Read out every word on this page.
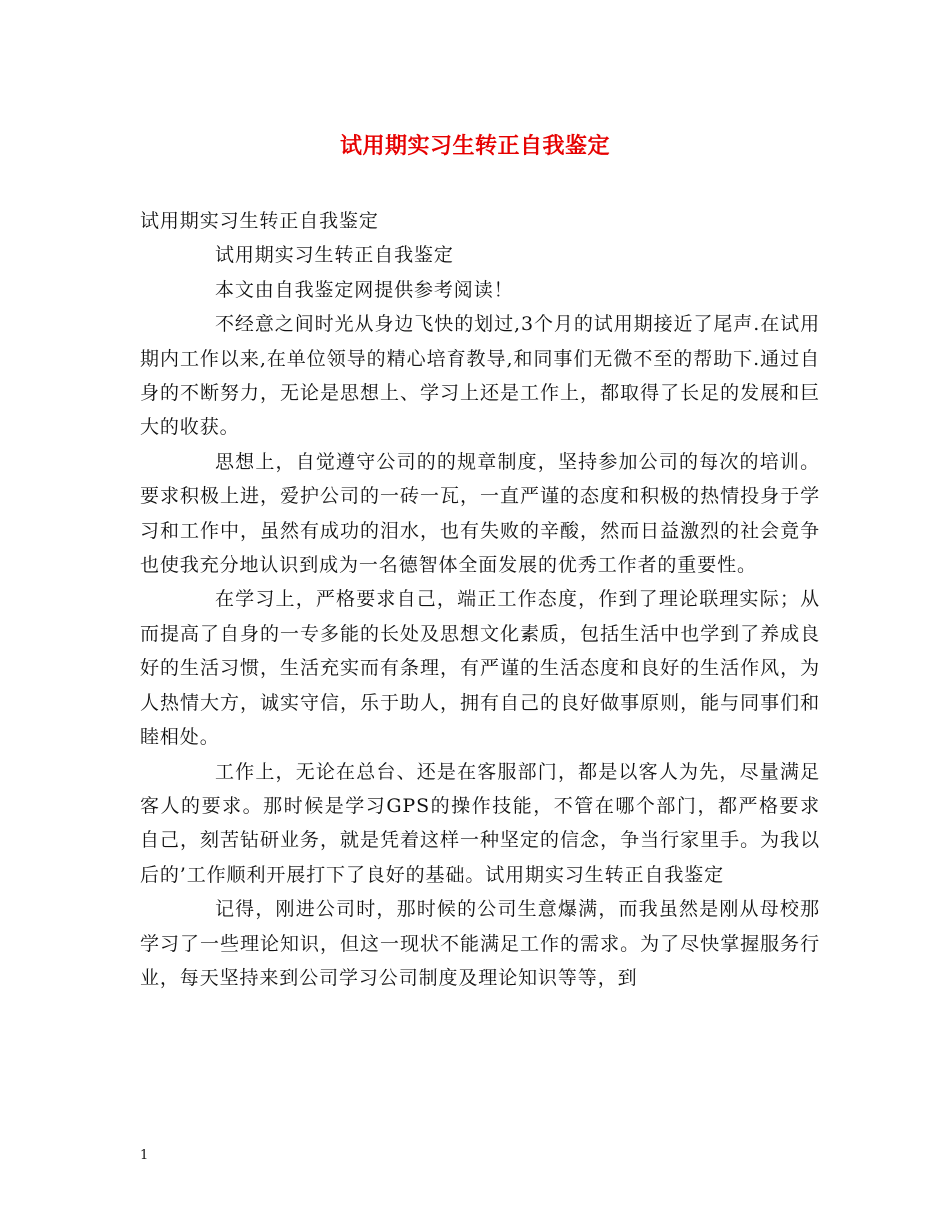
试用期实习生转正自我鉴定

试用期实习生转正自我鉴定

试用期实习生转正自我鉴定

本文由自我鉴定网提供参考阅读！

不经意之间时光从身边飞快的划过,3个月的试用期接近了尾声.在试用期内工作以来,在单位领导的精心培育教导,和同事们无微不至的帮助下.通过自身的不断努力，无论是思想上、学习上还是工作上，都取得了长足的发展和巨大的收获。

思想上，自觉遵守公司的的规章制度，坚持参加公司的每次的培训。要求积极上进，爱护公司的一砖一瓦，一直严谨的态度和积极的热情投身于学习和工作中，虽然有成功的泪水，也有失败的辛酸，然而日益激烈的社会竟争也使我充分地认识到成为一名德智体全面发展的优秀工作者的重要性。

在学习上，严格要求自己，端正工作态度，作到了理论联理实际；从而提高了自身的一专多能的长处及思想文化素质，包括生活中也学到了养成良好的生活习惯，生活充实而有条理，有严谨的生活态度和良好的生活作风，为人热情大方，诚实守信，乐于助人，拥有自己的良好做事原则，能与同事们和睦相处。

工作上，无论在总台、还是在客服部门，都是以客人为先，尽量满足客人的要求。那时候是学习GPS的操作技能，不管在哪个部门，都严格要求自己，刻苦钻研业务，就是凭着这样一种坚定的信念，争当行家里手。为我以后的’工作顺利开展打下了良好的基础。试用期实习生转正自我鉴定

记得，刚进公司时，那时候的公司生意爆满，而我虽然是刚从母校那学习了一些理论知识，但这一现状不能满足工作的需求。为了尽快掌握服务行业，每天坚持来到公司学习公司制度及理论知识等等，到

1
